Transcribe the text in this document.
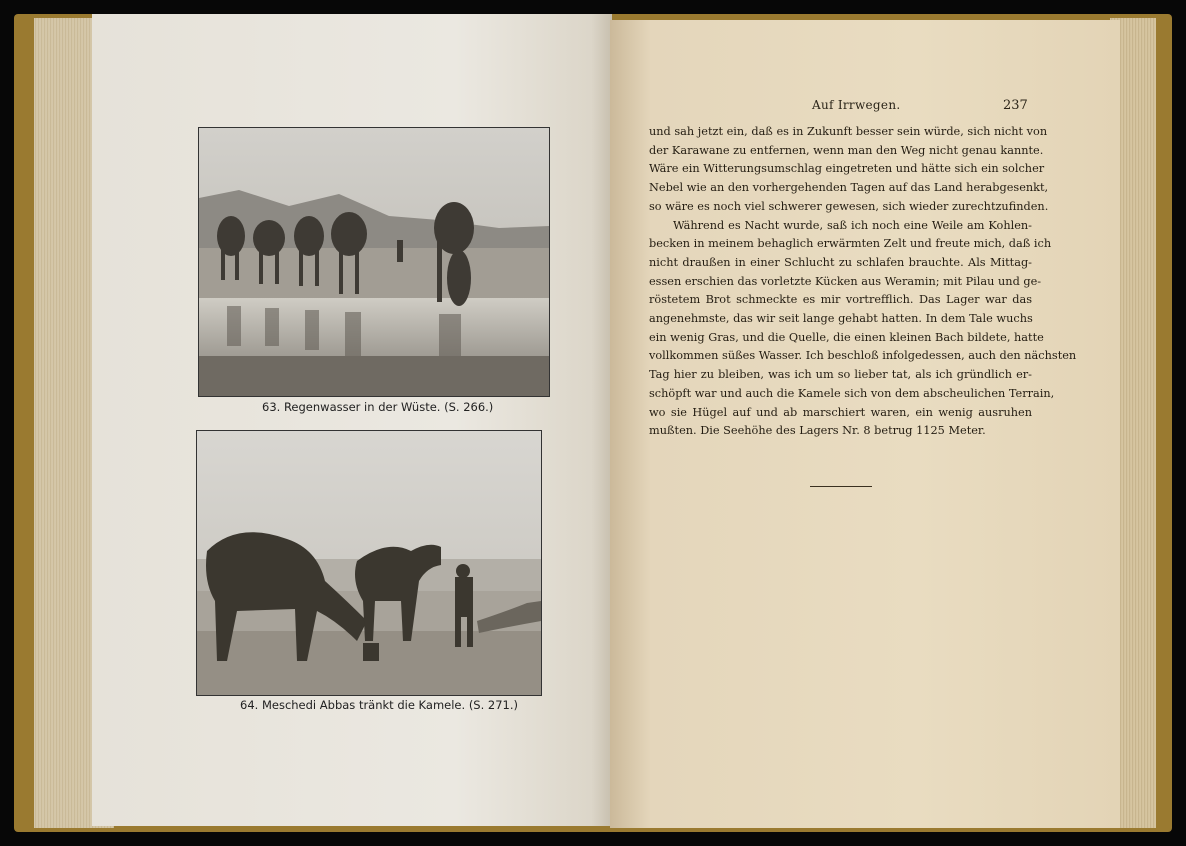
63. Regenwasser in der Wüste. (S. 266.)
64. Meschedi Abbas tränkt die Kamele. (S. 271.)
Auf Irrwegen.	237
und sah jetzt ein, daß es in Zukunft besser sein würde, sich nicht von
der Karawane zu entfernen, wenn man den Weg nicht genau kannte.
Wäre ein Witterungsumschlag eingetreten und hätte sich ein solcher
Nebel wie an den vorhergehenden Tagen auf das Land herabgesenkt,
so wäre es noch viel schwerer gewesen, sich wieder zurechtzufinden.
Während es Nacht wurde, saß ich noch eine Weile am Kohlen-
becken in meinem behaglich erwärmten Zelt und freute mich, daß ich
nicht draußen in einer Schlucht zu schlafen brauchte. Als Mittag-
essen erschien das vorletzte Kücken aus Weramin; mit Pilau und ge-
röstetem Brot schmeckte es mir vortrefflich. Das Lager war das
angenehmste, das wir seit lange gehabt hatten. In dem Tale wuchs
ein wenig Gras, und die Quelle, die einen kleinen Bach bildete, hatte
vollkommen süßes Wasser. Ich beschloß infolgedessen, auch den nächsten
Tag hier zu bleiben, was ich um so lieber tat, als ich gründlich er-
schöpft war und auch die Kamele sich von dem abscheulichen Terrain,
wo sie Hügel auf und ab marschiert waren, ein wenig ausruhen
mußten. Die Seehöhe des Lagers Nr. 8 betrug 1125 Meter.
